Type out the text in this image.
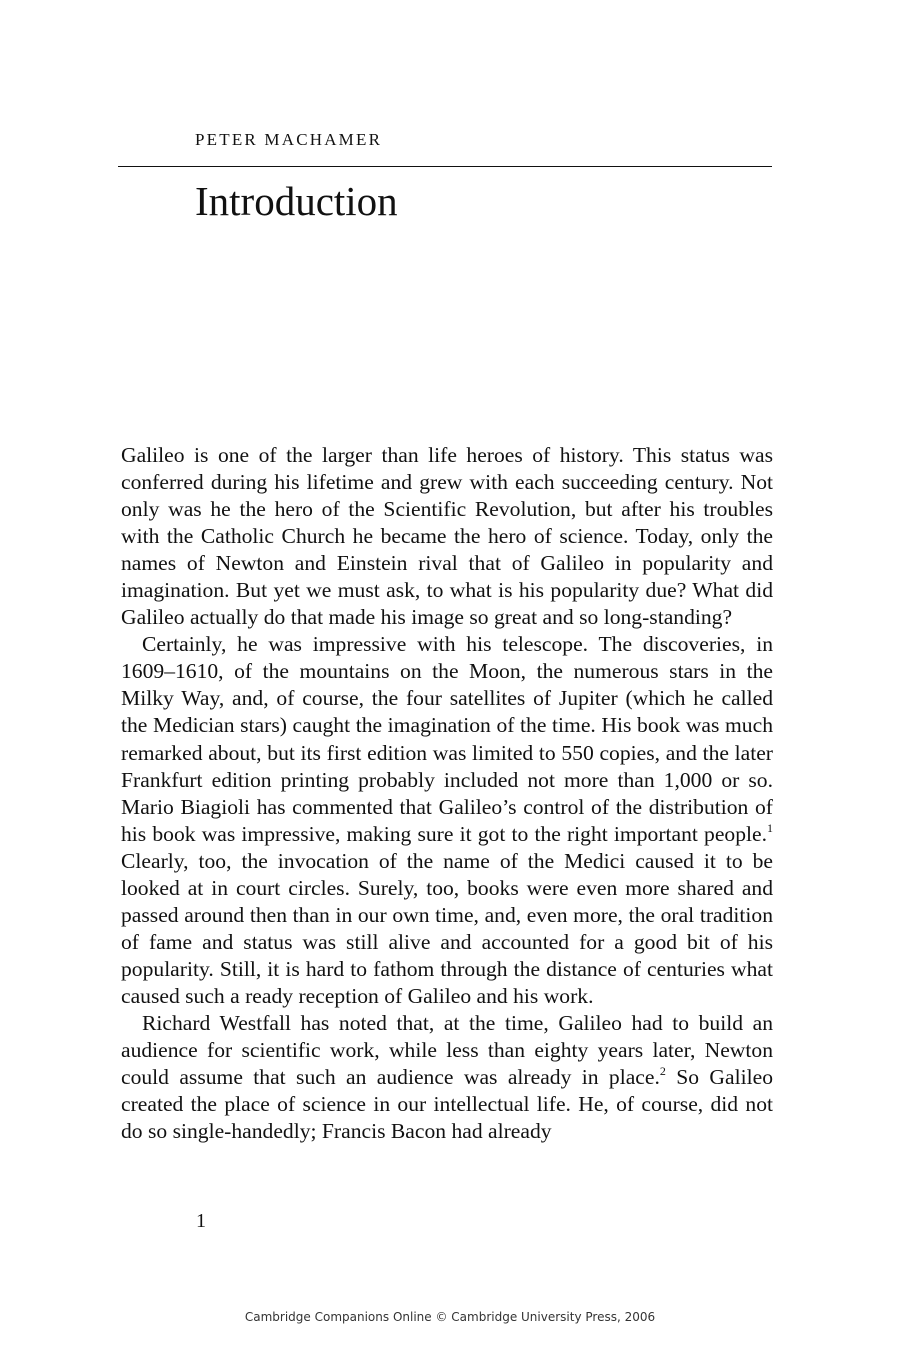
PETER MACHAMER
Introduction

Galileo is one of the larger than life heroes of history. This status was conferred during his lifetime and grew with each succeeding century. Not only was he the hero of the Scientific Revolution, but after his troubles with the Catholic Church he became the hero of science. Today, only the names of Newton and Einstein rival that of Galileo in popularity and imagination. But yet we must ask, to what is his popularity due? What did Galileo actually do that made his image so great and so long-standing?

Certainly, he was impressive with his telescope. The discoveries, in 1609–1610, of the mountains on the Moon, the numerous stars in the Milky Way, and, of course, the four satellites of Jupiter (which he called the Medician stars) caught the imagination of the time. His book was much remarked about, but its first edition was limited to 550 copies, and the later Frankfurt edition printing probably included not more than 1,000 or so. Mario Biagioli has commented that Galileo’s control of the distribution of his book was impressive, making sure it got to the right important people.$^1$ Clearly, too, the invocation of the name of the Medici caused it to be looked at in court circles. Surely, too, books were even more shared and passed around then than in our own time, and, even more, the oral tradition of fame and status was still alive and accounted for a good bit of his popularity. Still, it is hard to fathom through the distance of centuries what caused such a ready reception of Galileo and his work.

Richard Westfall has noted that, at the time, Galileo had to build an audience for scientific work, while less than eighty years later, Newton could assume that such an audience was already in place.$^2$ So Galileo created the place of science in our intellectual life. He, of course, did not do so single-handedly; Francis Bacon had already

1
Cambridge Companions Online © Cambridge University Press, 2006
